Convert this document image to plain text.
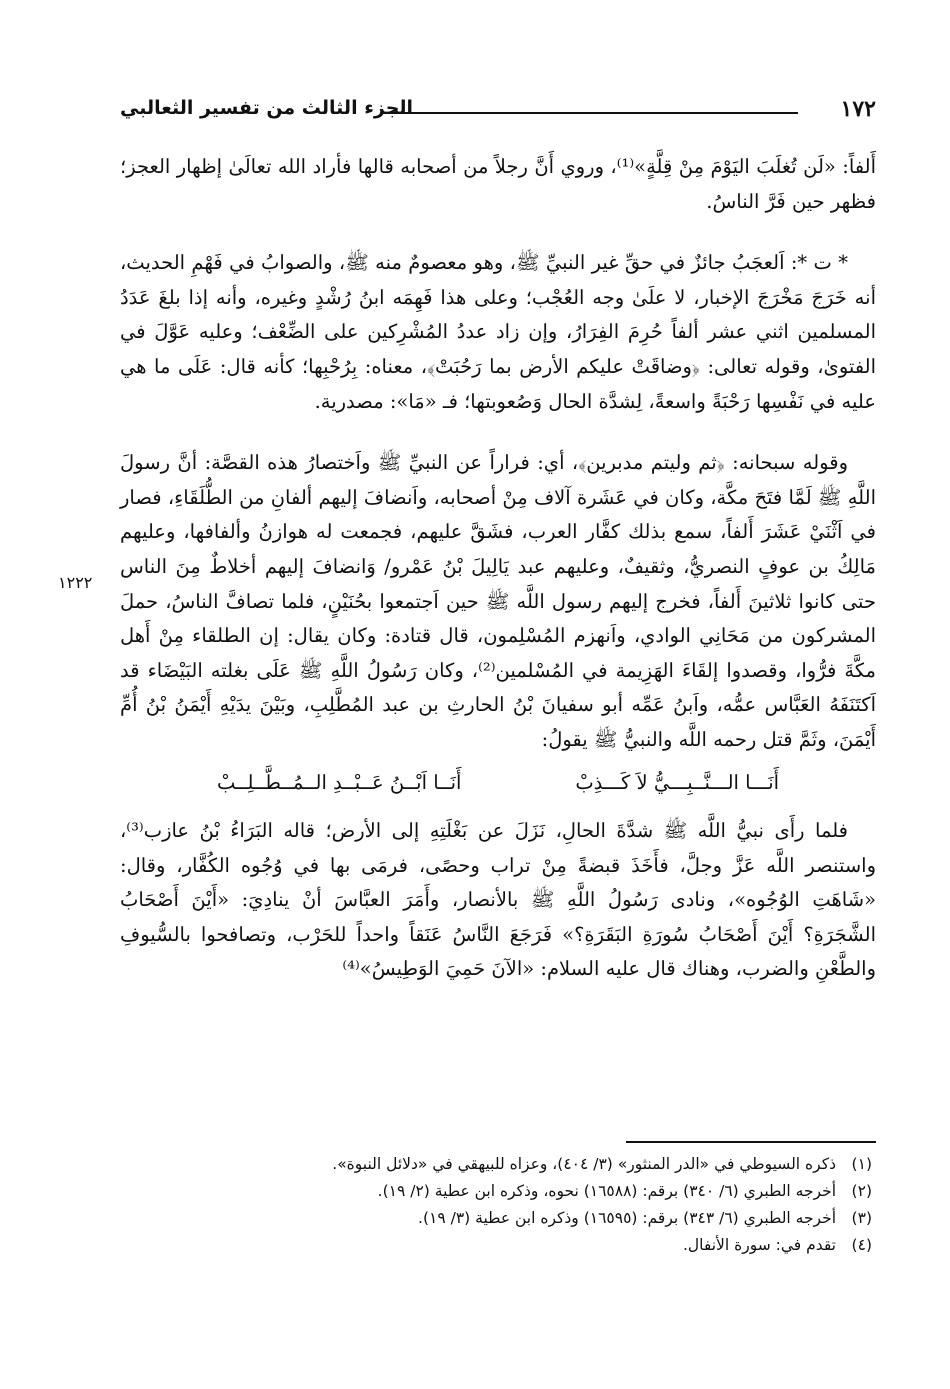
١٧٢
الجزء الثالث من تفسير الثعالبي

أَلفاً: «لَن تُغلَبَ اليَوْمَ مِنْ قِلَّةٍ»⁽¹⁾، وروي أَنَّ رجلاً من أصحابه قالها فأراد الله تعالَىٰ إظهار العجز؛ فظهر حين فَرَّ الناسُ.

* ت *: اَلعجَبُ جائزٌ في حقِّ غير النبيِّ ﷺ، وهو معصومٌ منه ﷺ، والصوابُ في فَهْمِ الحديث، أنه خَرَجَ مَخْرَجَ الإخبار، لا علَىٰ وجه العُجْب؛ وعلى هذا فَهِمَه ابنُ رُشْدٍ وغيره، وأنه إذا بلغَ عَدَدُ المسلمين اثني عشر ألفاً حُرِمَ الفِرَارُ، وإن زاد عددُ المُشْرِكين على الضِّعْف؛ وعليه عَوَّلَ في الفتوىٰ، وقوله تعالى: ﴿وضاقَتْ عليكم الأرض بما رَحُبَتْ﴾، معناه: بِرُحْبِها؛ كأنه قال: عَلَى ما هي عليه في نَفْسِها رَحْبَةً واسعةً، لِشدَّة الحال وَصُعوبتها؛ فـ «مَا»: مصدرية.

وقوله سبحانه: ﴿ثم وليتم مدبرين﴾، أي: فراراً عن النبيِّ ﷺ واَختصارُ هذه القصَّة: أنَّ رسولَ اللَّهِ ﷺ لَمَّا فتَحَ مكَّة، وكان في عَشَرة آلاف مِنْ أصحابه، واَنضافَ إليهم ألفانِ من الطُّلَقَاءِ، فصار في اَثْنَيْ عَشَرَ أَلفاً، سمع بذلك كفَّار العرب، فشَقَّ عليهم، فجمعت له هوازنُ وألفافها، وعليهم مَالِكُ بن عوفٍ النصريُّ، وثقيفٌ، وعليهم عبد يَالِيلَ بْنُ عَمْرو/ وَانضافَ إليهم أخلاطٌ مِنَ الناس حتى كانوا ثلاثينَ أَلفاً، فخرج إليهم رسول اللَّه ﷺ حين اَجتمعوا بحُنَيْنٍ، فلما تصافَّ الناسُ، حملَ المشركون من مَحَانِي الوادي، واَنهزم المُسْلِمون، قال قتادة: وكان يقال: إن الطلقاء مِنْ أَهل مكَّةَ فرُّوا، وقصدوا إلقَاءَ الهَزِيمة في المُسْلمين⁽²⁾، وكان رَسُولُ اللَّهِ ﷺ عَلَى بغلته البَيْضَاء قد اَكتَنَفَهُ العَبَّاس عمُّه، واَبنُ عَمِّه أبو سفيانَ بْنُ الحارثِ بن عبد المُطَّلِبِ، وبَيْنَ يدَيْهِ أَيْمَنُ بْنُ أُمِّ أَيْمَنَ، وثَمَّ قتل رحمه اللَّه والنبيُّ ﷺ يقولُ:

١٢٢٢
أَنَـــا الـــنَّــبِـــيُّ لاَ كَـــذِبْ
أَنَــا اَبْــنُ عَــبْــدِ الــمُــطَّــلِــبْ

فلما رأَى نبيُّ اللَّه ﷺ شدَّةَ الحالِ، نَزَلَ عن بَغْلَتِهِ إلى الأرض؛ قاله البَرَاءُ بْنُ عازب⁽³⁾، واستنصر اللَّه عَزَّ وجلَّ، فأَخَذَ قبضةً مِنْ تراب وحصًى، فرمَى بها في وُجُوه الكُفَّار، وقال: «شَاهَتِ الوُجُوه»، ونادى رَسُولُ اللَّهِ ﷺ بالأنصار، وأَمَرَ العبَّاسَ أنْ ينادِيَ: «أَيْنَ أَصْحَابُ الشَّجَرَةِ؟ أَيْنَ أَصْحَابُ سُورَةِ البَقَرَةِ؟» فَرَجَعَ النَّاسُ عَنَقاً واحداً للحَرْب، وتصافحوا بالسُّيوفِ والطَّعْنِ والضرب، وهناك قال عليه السلام: «الآنَ حَمِيَ الوَطِيسُ»⁽⁴⁾

(١)
ذكره السيوطي في «الدر المنثور» (٣/ ٤٠٤)، وعزاه للبيهقي في «دلائل النبوة».
(٢)
أخرجه الطبري (٦/ ٣٤٠) برقم: (١٦٥٨٨) نحوه، وذكره ابن عطية (٢/ ١٩).
(٣)
أخرجه الطبري (٦/ ٣٤٣) برقم: (١٦٥٩٥) وذكره ابن عطية (٣/ ١٩).
(٤)
تقدم في: سورة الأنفال.
